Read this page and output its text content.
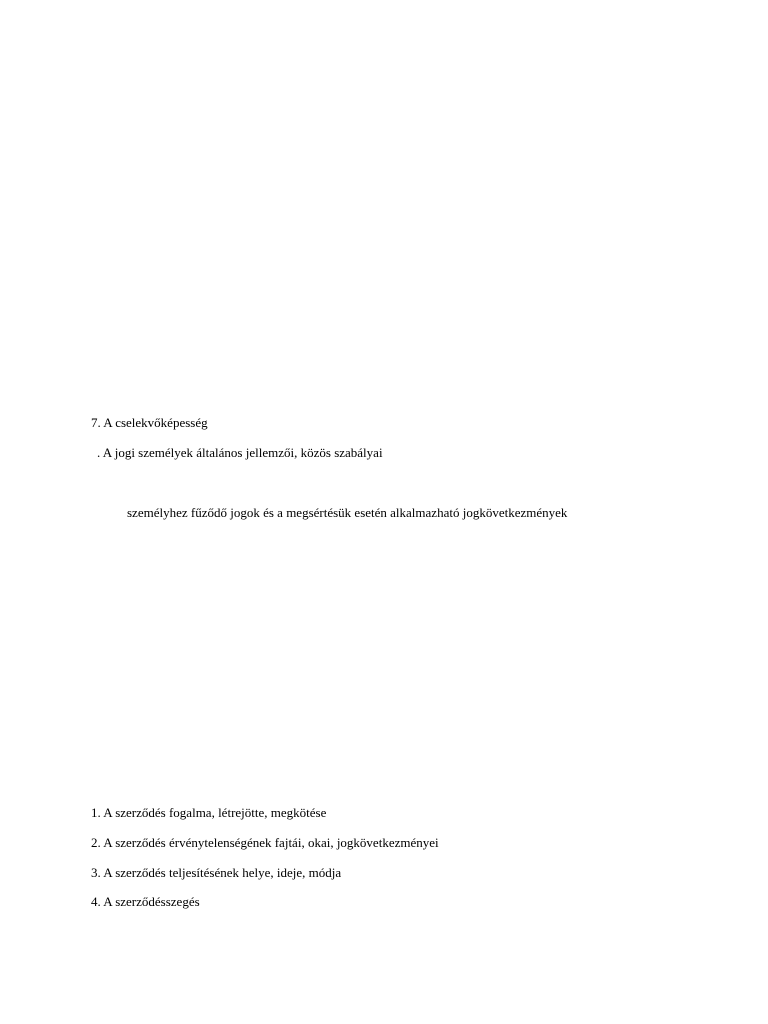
7. A cselekvőképesség
. A jogi személyek általános jellemzői, közös szabályai
személyhez fűződő jogok és a megsértésük esetén alkalmazható jogkövetkezmények
1. A szerződés fogalma, létrejötte, megkötése
2. A szerződés érvénytelenségének fajtái, okai, jogkövetkezményei
3. A szerződés teljesítésének helye, ideje, módja
4. A szerződésszegés
